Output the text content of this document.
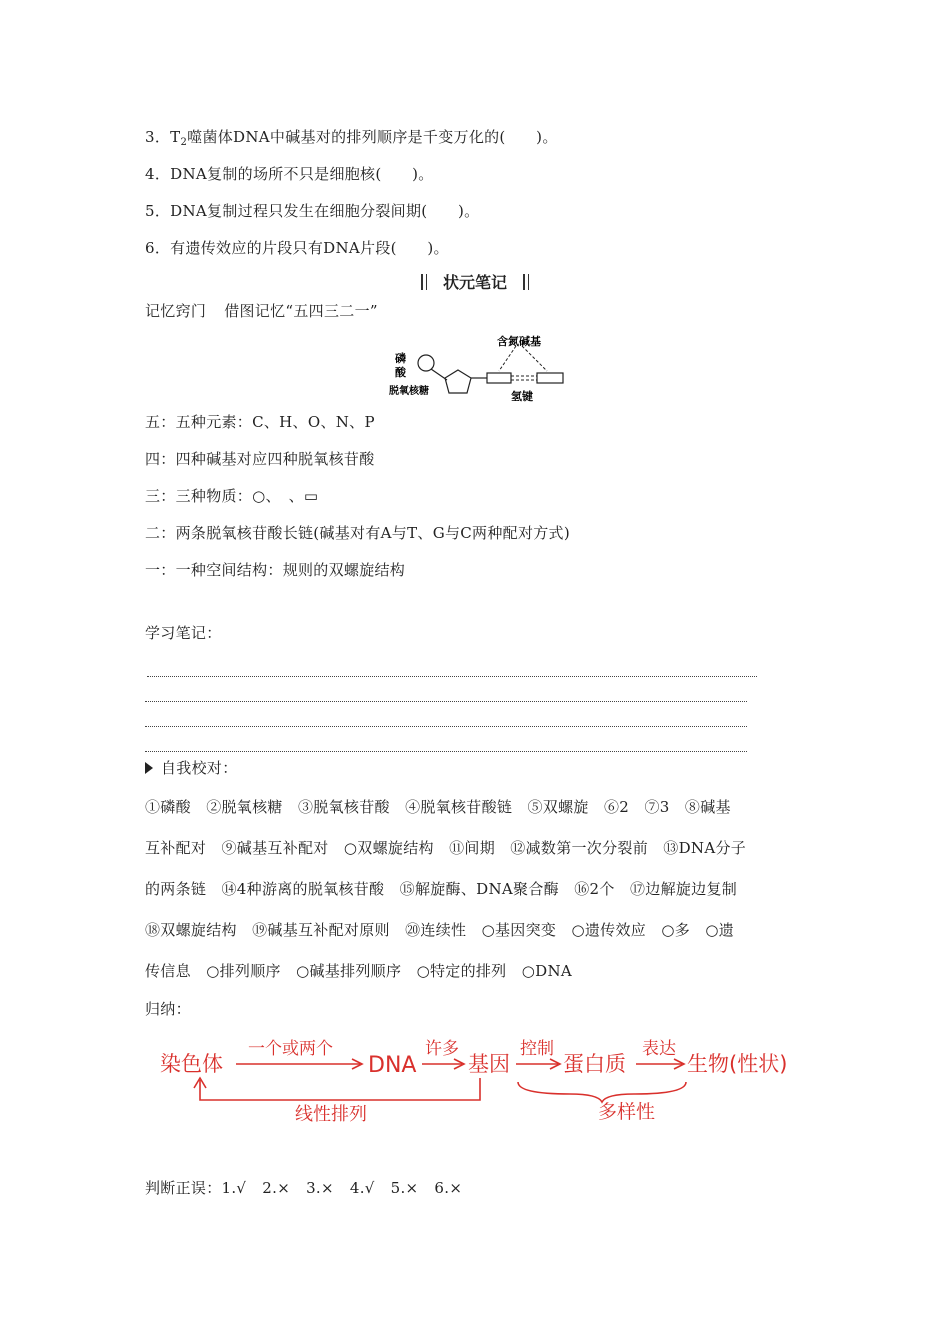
3．$T_2$噬菌体DNA中碱基对的排列顺序是千变万化的(　　)。
4．DNA复制的场所不只是细胞核(　　)。
5．DNA复制过程只发生在细胞分裂间期(　　)。
6．有遗传效应的片段只有DNA片段(　　)。
状元笔记
记忆窍门 借图记忆“五四三二一”
磷
酸
含氮碱基
脱氧核糖	氢键
五：五种元素：C、H、O、N、P
四：四种碱基对应四种脱氧核苷酸
三：三种物质：○、　、▭
二：两条脱氧核苷酸长链(碱基对有A与T、G与C两种配对方式)
一：一种空间结构：规则的双螺旋结构
学习笔记：
自我校对：
①磷酸　②脱氧核糖　③脱氧核苷酸　④脱氧核苷酸链　⑤双螺旋　⑥2　⑦3　⑧碱基
互补配对　⑨碱基互补配对　○双螺旋结构　⑪间期　⑫减数第一次分裂前　⑬DNA分子
的两条链　⑭4种游离的脱氧核苷酸　⑮解旋酶、DNA聚合酶　⑯2个　⑰边解旋边复制
⑱双螺旋结构　⑲碱基互补配对原则　⑳连续性　○基因突变　○遗传效应　○多　○遗
传信息　○排列顺序　○碱基排列顺序　○特定的排列　○DNA
归纳：
染色体
一个或两个
DNA
许多
基因
控制
蛋白质
表达
生物(性状)
线性排列	多样性
判断正误：1.√ 2.× 3.× 4.√ 5.× 6.×
